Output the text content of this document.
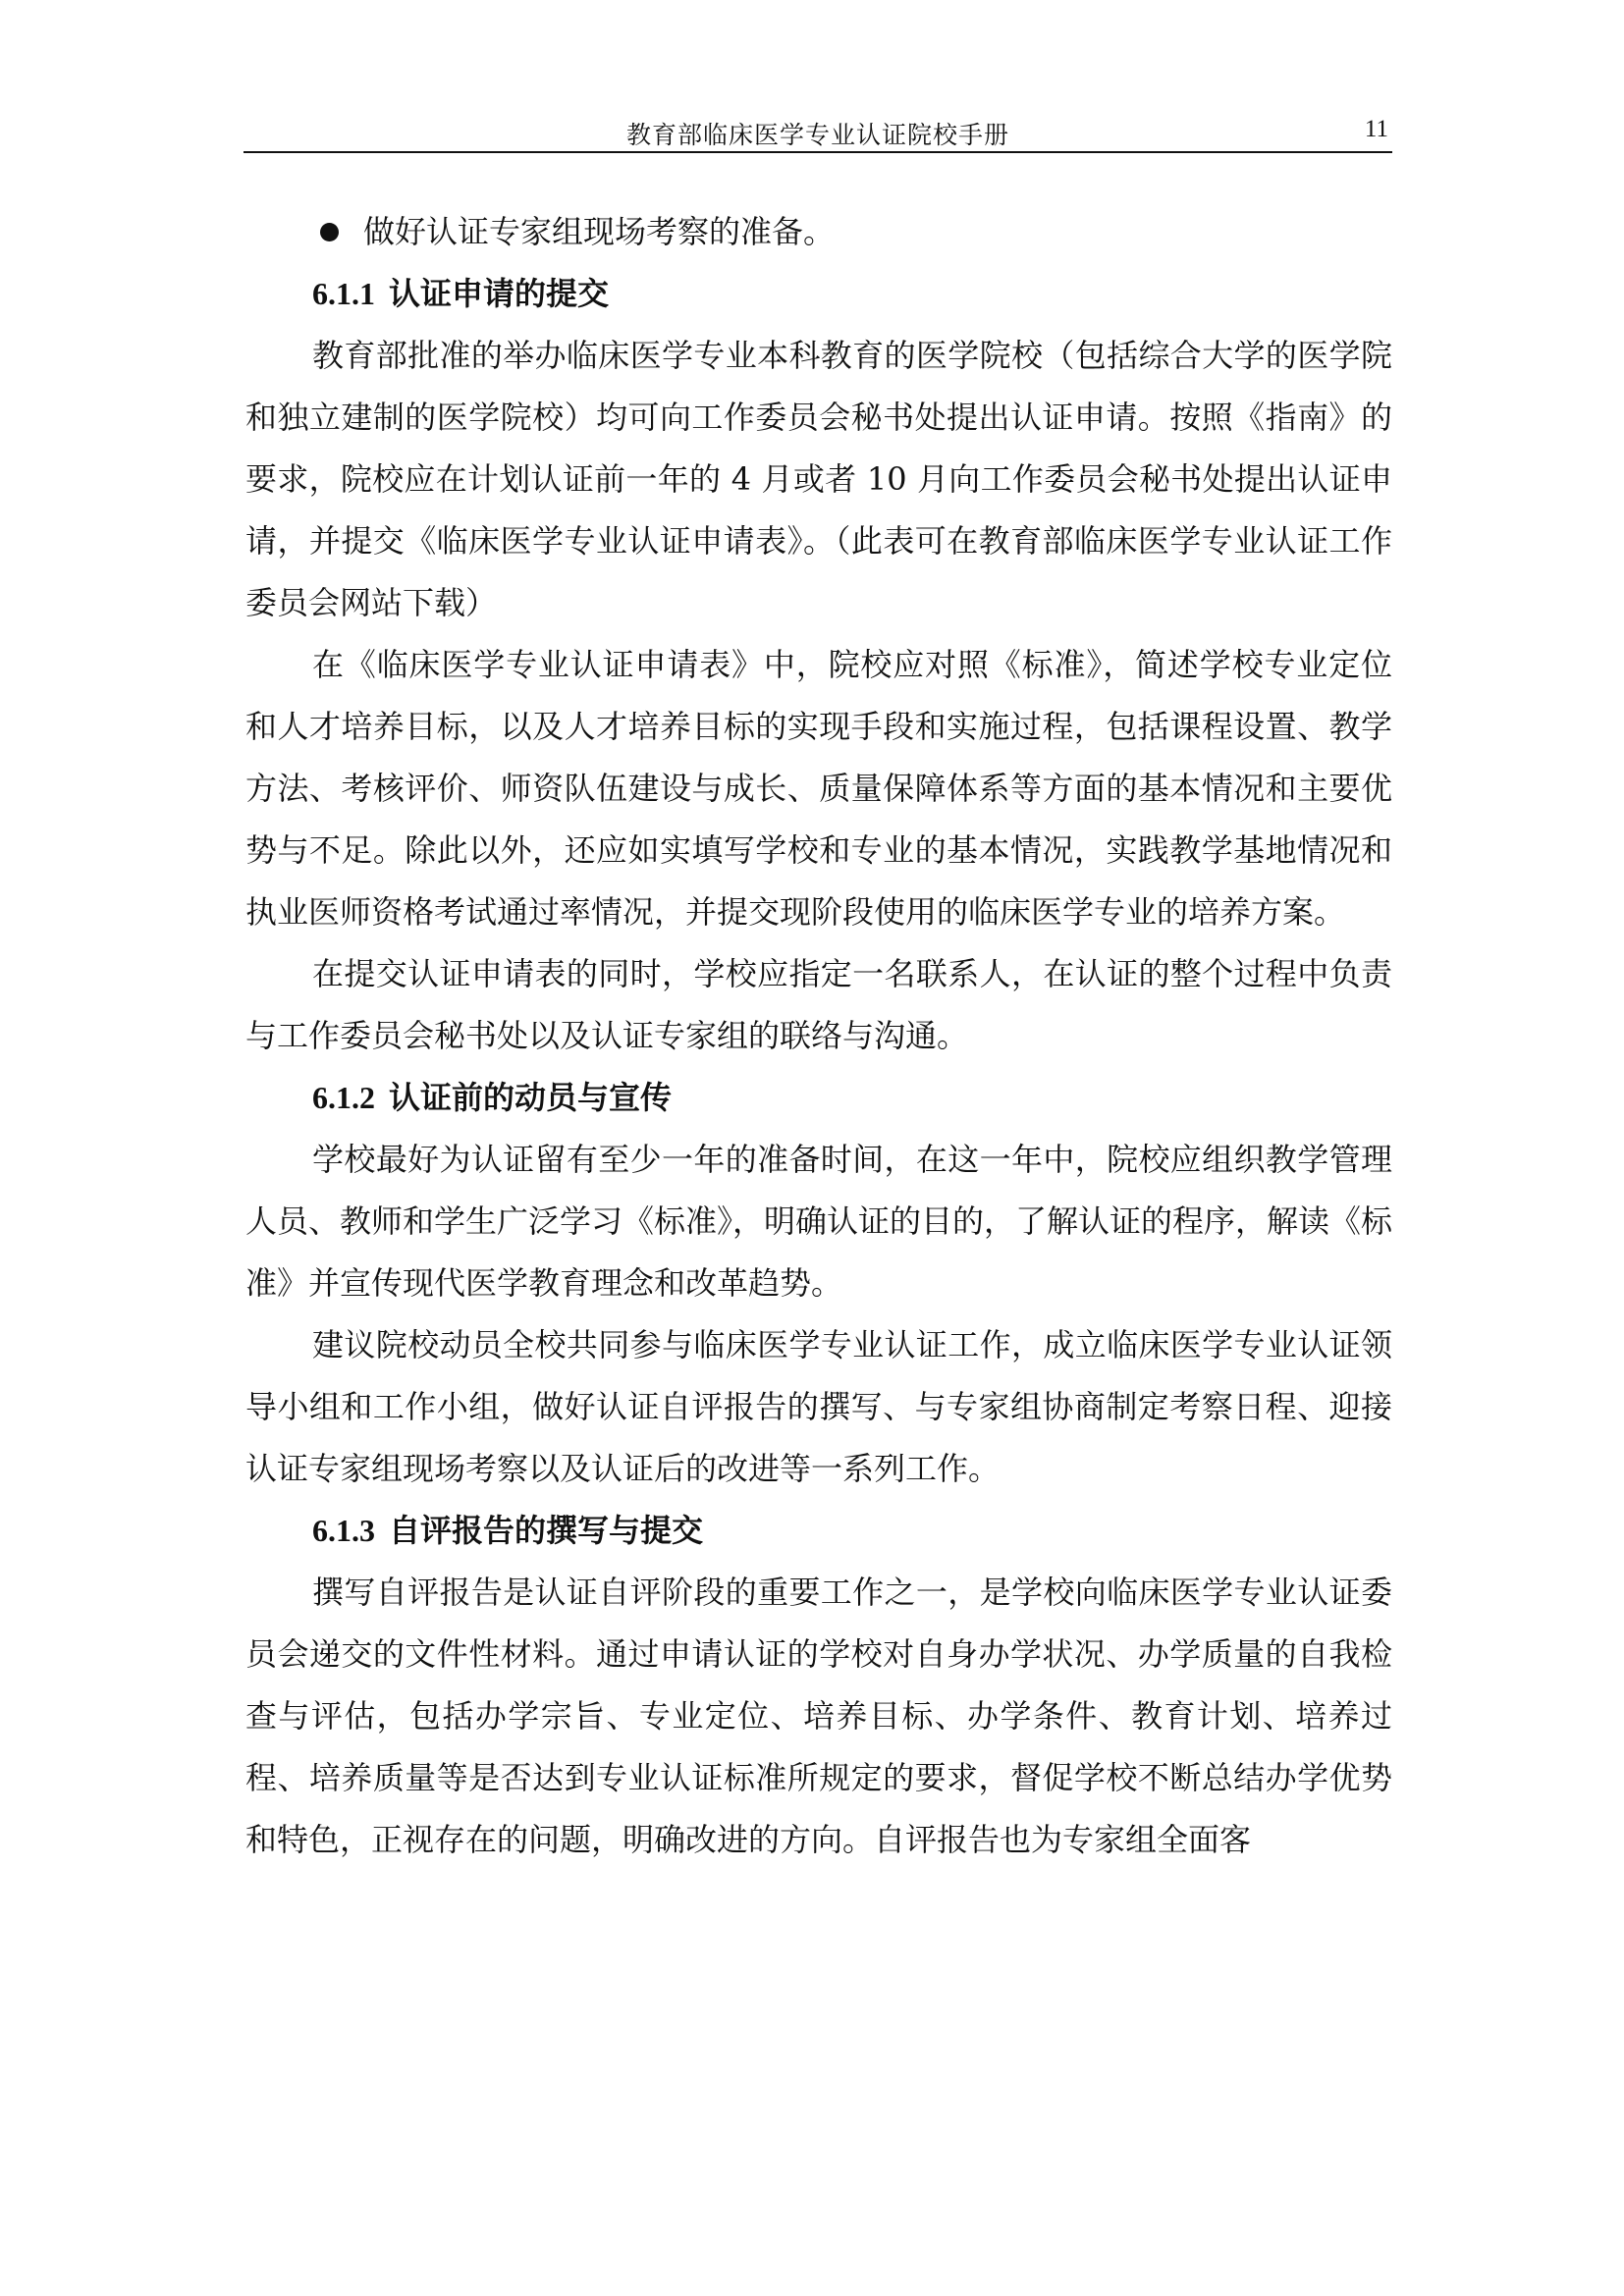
教育部临床医学专业认证院校手册	11

做好认证专家组现场考察的准备。

6.1.1 认证申请的提交

教育部批准的举办临床医学专业本科教育的医学院校（包括综合大学的医学院和独立建制的医学院校）均可向工作委员会秘书处提出认证申请。按照《指南》的要求，院校应在计划认证前一年的 4 月或者 10 月向工作委员会秘书处提出认证申请，并提交《临床医学专业认证申请表》。（此表可在教育部临床医学专业认证工作委员会网站下载）

在《临床医学专业认证申请表》中，院校应对照《标准》，简述学校专业定位和人才培养目标，以及人才培养目标的实现手段和实施过程，包括课程设置、教学方法、考核评价、师资队伍建设与成长、质量保障体系等方面的基本情况和主要优势与不足。除此以外，还应如实填写学校和专业的基本情况，实践教学基地情况和执业医师资格考试通过率情况，并提交现阶段使用的临床医学专业的培养方案。

在提交认证申请表的同时，学校应指定一名联系人，在认证的整个过程中负责与工作委员会秘书处以及认证专家组的联络与沟通。

6.1.2 认证前的动员与宣传

学校最好为认证留有至少一年的准备时间，在这一年中，院校应组织教学管理人员、教师和学生广泛学习《标准》，明确认证的目的，了解认证的程序，解读《标准》并宣传现代医学教育理念和改革趋势。

建议院校动员全校共同参与临床医学专业认证工作，成立临床医学专业认证领导小组和工作小组，做好认证自评报告的撰写、与专家组协商制定考察日程、迎接认证专家组现场考察以及认证后的改进等一系列工作。

6.1.3 自评报告的撰写与提交

撰写自评报告是认证自评阶段的重要工作之一，是学校向临床医学专业认证委员会递交的文件性材料。通过申请认证的学校对自身办学状况、办学质量的自我检查与评估，包括办学宗旨、专业定位、培养目标、办学条件、教育计划、培养过程、培养质量等是否达到专业认证标准所规定的要求，督促学校不断总结办学优势和特色，正视存在的问题，明确改进的方向。自评报告也为专家组全面客
